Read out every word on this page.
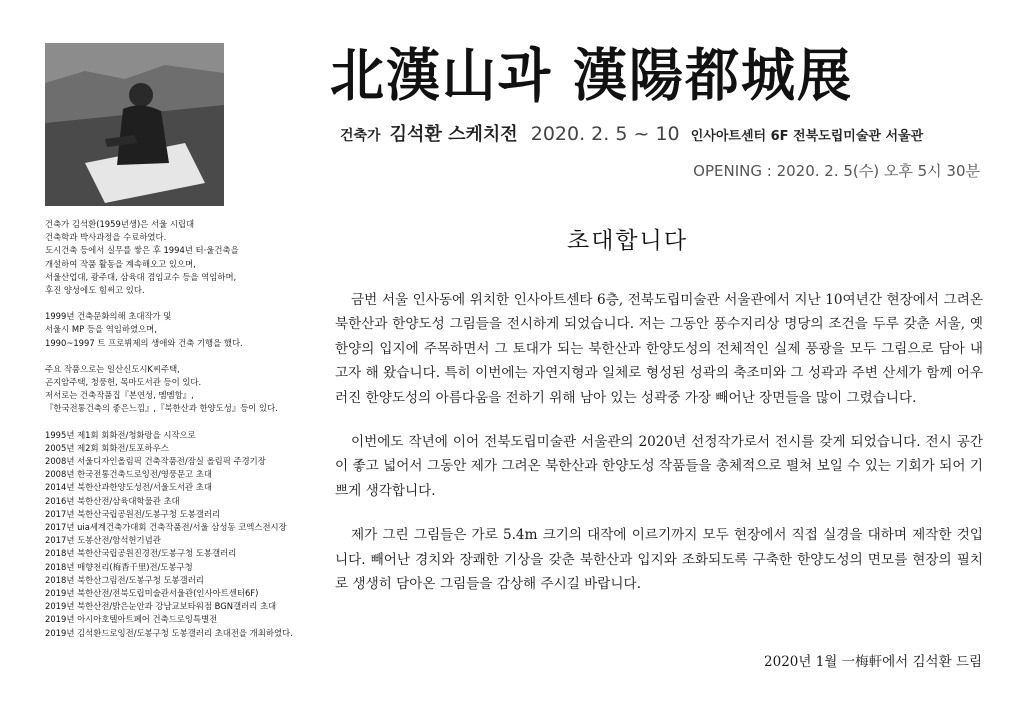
건축가 김석환(1959년생)은 서울 시립대

건축학과 박사과정을 수료하였다.

도시건축 등에서 실무를 쌓은 후 1994년 터·울건축을

개설하여 작품 활동을 계속해오고 있으며,

서울산업대, 광주대, 삼육대 겸임교수 등을 역임하며,

후진 양성에도 힘써고 있다.

1999년 건축문화의해 초대작가 및

서울시 MP 등을 역임하였으며,

1990~1997 트 프로뷔제의 생애와 건축 기행을 했다.

주요 작품으로는 일산신도시K씨주택,

곤지암주택, 청풍헌, 목마도서관 등이 있다.

저서로는 건축작품집『본연성, 멤멤함』,

『한국전통건축의 좋은느낌』,『북한산과 한양도성』등이 있다.

1995년 제1회 회화전/청화랑을 시작으로

2005년 제2회 회화전/토포하우스

2008년 서울디자인올림픽 건축작품전/잠실 올림픽 주경기장

2008년 한국전통건축드로잉전/영풍문고 초대

2014년 북한산과한양도성전/서울도서관 초대

2016년 북한산전/삼육대학물관 초대

2017년 북한산국립공원전/도봉구청 도봉갤러리

2017년 uia세계건축가대회 건축작품전/서울 삼성동 코엑스전시장

2017년 도봉산전/함석헌기념관

2018년 북한산국립공원진경전/도봉구청 도봉갤러리

2018년 매향천리(梅香千里)전/도봉구청

2018년 북한산그림전/도봉구청 도봉갤러리

2019년 북한산전/전북도립미술관서울관(인사아트센터6F)

2019년 북한산전/밝은눈안과 강남교보타워점 BGN갤러리 초대

2019년 아시아호텔아트페어 건축드로잉특별전

2019년 김석환드로잉전/도봉구청 도봉갤러리 초대전을 개최하였다.

北漢山과 漢陽都城展
건축가 김석환 스케치전 2020. 2. 5 ~ 10 인사아트센터 6F 전북도립미술관 서울관
OPENING : 2020. 2. 5(수) 오후 5시 30분
초대합니다

금번 서울 인사동에 위치한 인사아트센타 6층, 전북도립미술관 서울관에서 지난 10여년간 현장에서 그려온 북한산과 한양도성 그림들을 전시하게 되었습니다. 저는 그동안 풍수지리상 명당의 조건을 두루 갖춘 서울, 옛 한양의 입지에 주목하면서 그 토대가 되는 북한산과 한양도성의 전체적인 실제 풍광을 모두 그림으로 담아 내고자 해 왔습니다. 특히 이번에는 자연지형과 일체로 형성된 성곽의 축조미와 그 성곽과 주변 산세가 함께 어우러진 한양도성의 아름다움을 전하기 위해 남아 있는 성곽중 가장 빼어난 장면들을 많이 그렸습니다.

이번에도 작년에 이어 전북도립미술관 서울관의 2020년 선정작가로서 전시를 갖게 되었습니다. 전시 공간이 좋고 넓어서 그동안 제가 그려온 북한산과 한양도성 작품들을 총체적으로 펼쳐 보일 수 있는 기회가 되어 기쁘게 생각합니다.

제가 그린 그림들은 가로 5.4m 크기의 대작에 이르기까지 모두 현장에서 직접 실경을 대하며 제작한 것입니다. 빼어난 경치와 장쾌한 기상을 갖춘 북한산과 입지와 조화되도록 구축한 한양도성의 면모를 현장의 필치로 생생히 담아온 그림들을 감상해 주시길 바랍니다.

2020년 1월 一梅軒에서 김석환 드림
